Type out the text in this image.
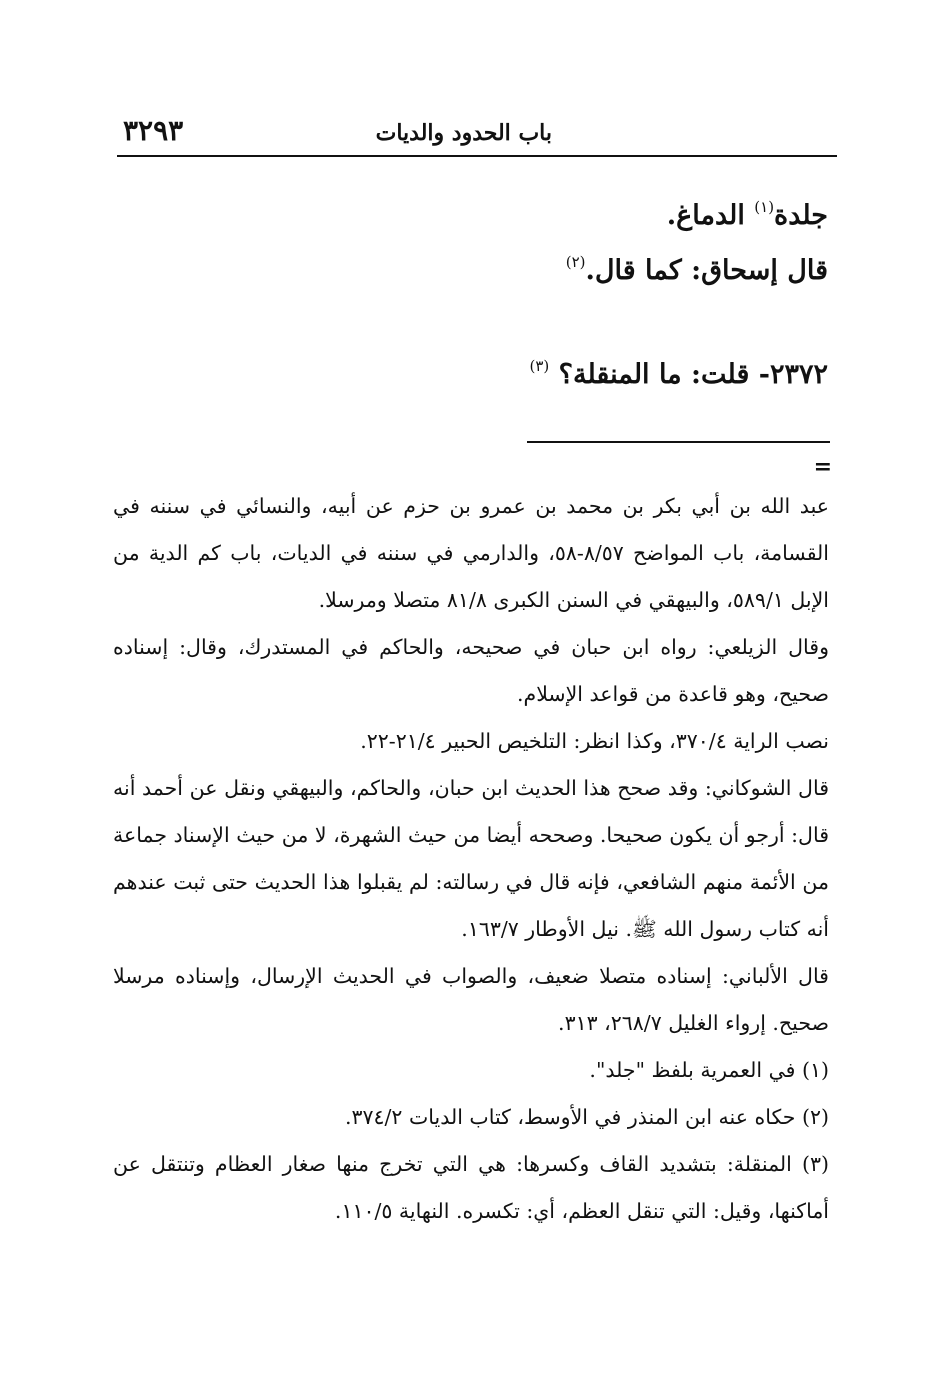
باب الحدود والديات
٣٢٩٣
جلدة$^{(١)}$ الدماغ.
قال إسحاق: كما قال.$^{(٢)}$
٢٣٧٢- قلت: ما المنقلة؟ $^{(٣)}$
=

عبد الله بن أبي بكر بن محمد بن عمرو بن حزم عن أبيه، والنسائي في سننه في القسامة، باب المواضح ٨/٥٧-٥٨، والدارمي في سننه في الديات، باب كم الدية من الإبل ٥٨٩/١، والبيهقي في السنن الكبرى ٨١/٨ متصلا ومرسلا.

وقال الزيلعي: رواه ابن حبان في صحيحه، والحاكم في المستدرك، وقال: إسناده صحيح، وهو قاعدة من قواعد الإسلام.

نصب الراية ٣٧٠/٤، وكذا انظر: التلخيص الحبير ٢١/٤-٢٢.

قال الشوكاني: وقد صحح هذا الحديث ابن حبان، والحاكم، والبيهقي ونقل عن أحمد أنه قال: أرجو أن يكون صحيحا. وصححه أيضا من حيث الشهرة، لا من حيث الإسناد جماعة من الأئمة منهم الشافعي، فإنه قال في رسالته: لم يقبلوا هذا الحديث حتى ثبت عندهم أنه كتاب رسول الله ﷺ. نيل الأوطار ١٦٣/٧.

قال الألباني: إسناده متصلا ضعيف، والصواب في الحديث الإرسال، وإسناده مرسلا صحيح. إرواء الغليل ٢٦٨/٧، ٣١٣.

(١) في العمرية بلفظ "جلد".

(٢) حكاه عنه ابن المنذر في الأوسط، كتاب الديات ٣٧٤/٢.

(٣) المنقلة: بتشديد القاف وكسرها: هي التي تخرج منها صغار العظام وتنتقل عن أماكنها، وقيل: التي تنقل العظم، أي: تكسره. النهاية ١١٠/٥.
